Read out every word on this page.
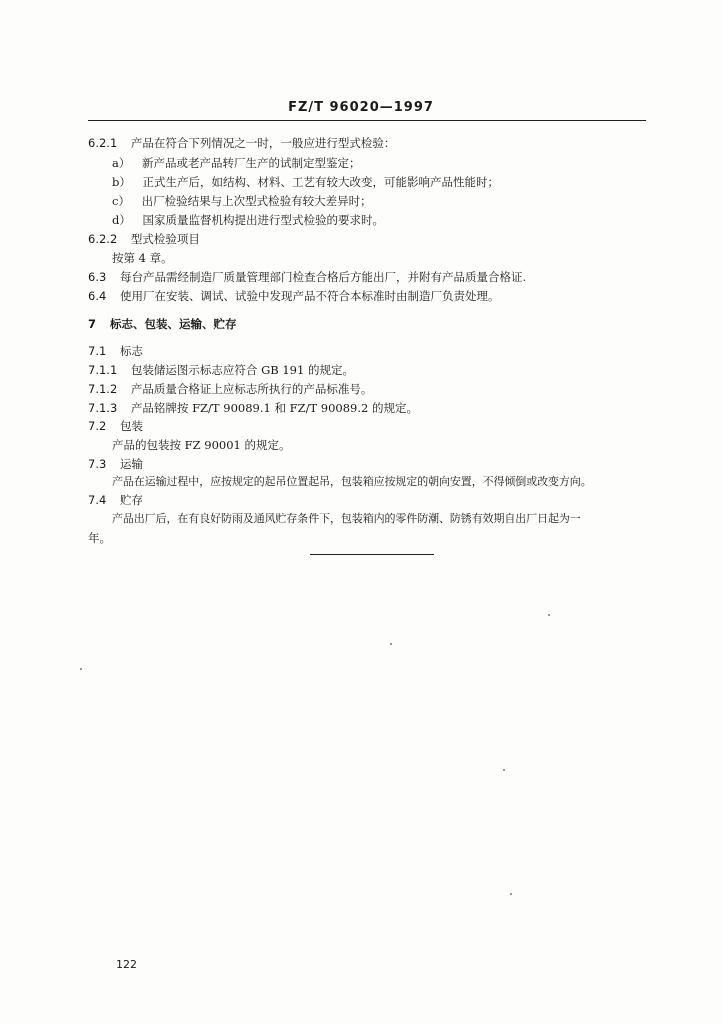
FZ/T 96020—1997
6.2.1 产品在符合下列情况之一时，一般应进行型式检验：
a） 新产品或老产品转厂生产的试制定型鉴定；
b） 正式生产后，如结构、材料、工艺有较大改变，可能影响产品性能时；
c） 出厂检验结果与上次型式检验有较大差异时；
d） 国家质量监督机构提出进行型式检验的要求时。
6.2.2 型式检验项目
按第 4 章。
6.3 每台产品需经制造厂质量管理部门检查合格后方能出厂，并附有产品质量合格证.
6.4 使用厂在安装、调试、试验中发现产品不符合本标准时由制造厂负责处理。
7 标志、包装、运输、贮存
7.1 标志
7.1.1 包装储运图示标志应符合 GB 191 的规定。
7.1.2 产品质量合格证上应标志所执行的产品标准号。
7.1.3 产品铭牌按 FZ/T 90089.1 和 FZ/T 90089.2 的规定。
7.2 包装
产品的包装按 FZ 90001 的规定。
7.3 运输
产品在运输过程中，应按规定的起吊位置起吊，包装箱应按规定的朝向安置，不得倾倒或改变方向。
7.4 贮存
产品出厂后，在有良好防雨及通风贮存条件下，包装箱内的零件防潮、防锈有效期自出厂日起为一
年。
122
